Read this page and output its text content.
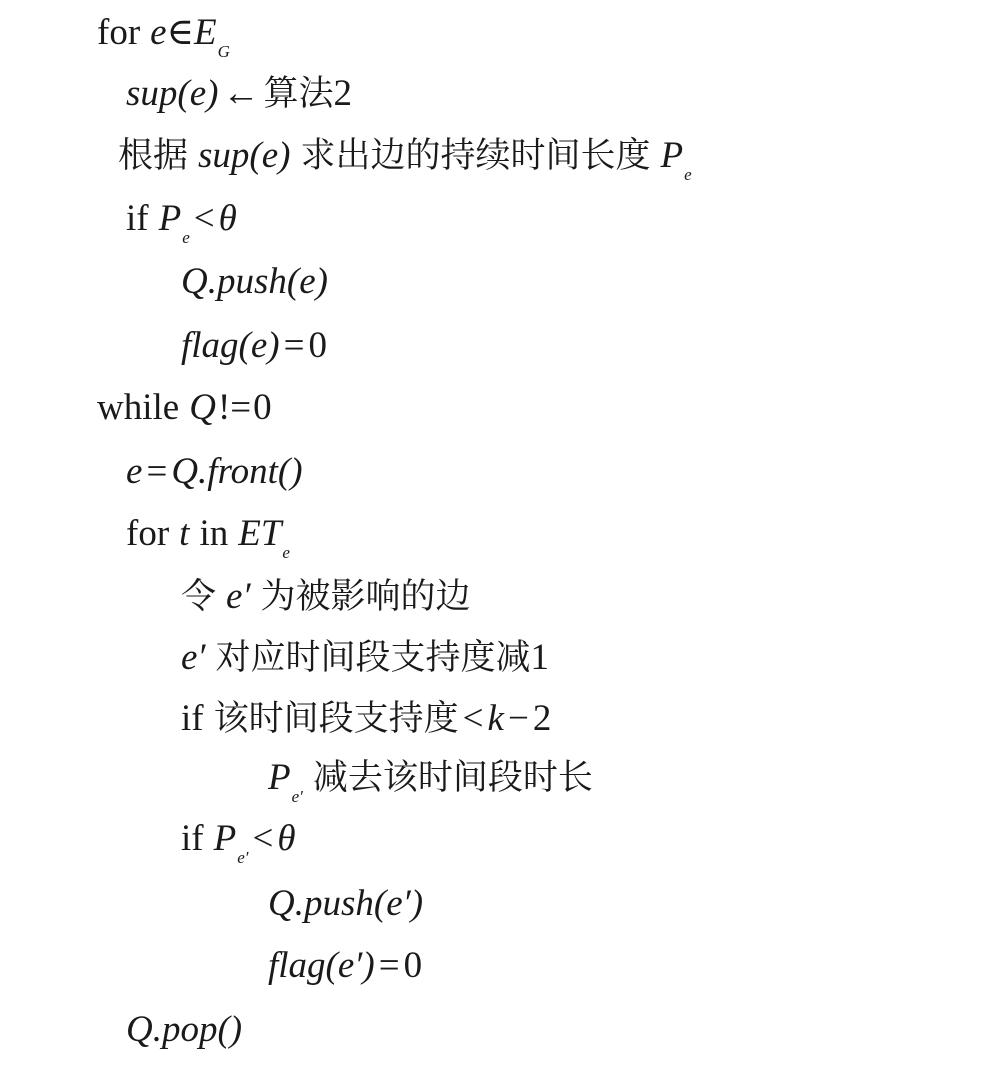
for $e\in E_G$
sup(e) ← 算法2
根据 sup(e) 求出边的持续时间长度 $P_e$
if $P_e < \theta$
Q.push(e)
flag(e) = 0
while Q!=0
e = Q.front()
for t in $ET_e$
令 e′ 为被影响的边
e′ 对应时间段支持度减1
if 该时间段支持度 < k − 2
$P_{e'}$ 减去该时间段时长
if $P_{e'} < \theta$
Q.push(e′)
flag(e′) = 0
Q.pop()
